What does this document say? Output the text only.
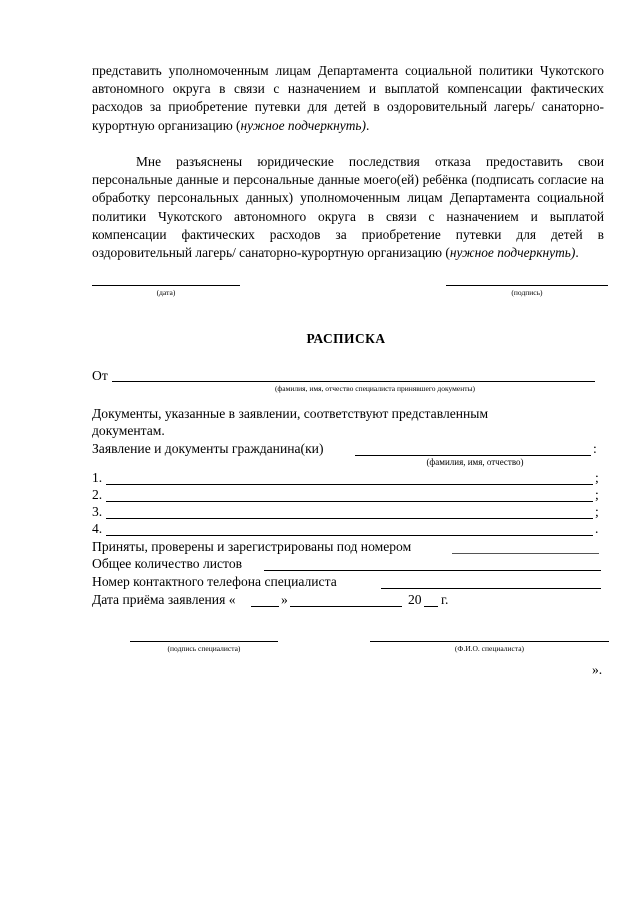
представить уполномоченным лицам Департамента социальной политики Чукотского автономного округа в связи с назначением и выплатой компенсации фактических расходов за приобретение путевки для детей в оздоровительный лагерь/ санаторно-курортную организацию (нужное подчеркнуть).
Мне разъяснены юридические последствия отказа предоставить свои персональные данные и персональные данные моего(ей) ребёнка (подписать согласие на обработку персональных данных) уполномоченным лицам Департамента социальной политики Чукотского автономного округа в связи с назначением и выплатой компенсации фактических расходов за приобретение путевки для детей в оздоровительный лагерь/ санаторно-курортную организацию (нужное подчеркнуть).
(дата)	(подпись)
РАСПИСКА
От
(фамилия, имя, отчество специалиста принявшего документы)
Документы, указанные в заявлении, соответствуют представленным
документам.
Заявление и документы гражданина(ки)	:
(фамилия, имя, отчество)
1.	;
2.	;
3.	;
4.	.
Приняты, проверены и зарегистрированы под номером
Общее количество листов
Номер контактного телефона специалиста
Дата приёма заявления «	»	20 г.
(подпись специалиста)	(Ф.И.О. специалиста)
».
